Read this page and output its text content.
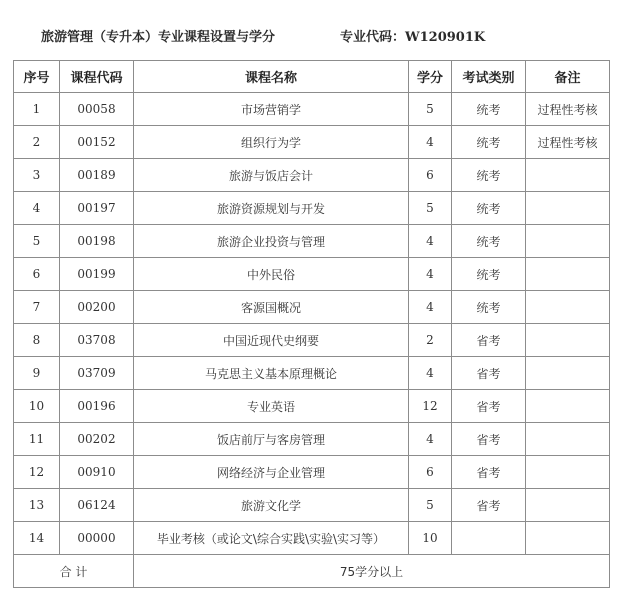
旅游管理（专升本）专业课程设置与学分	专业代码：W120901K
序号	课程代码	课程名称	学分	考试类别	备注
1	00058	市场营销学	5	统考	过程性考核
2	00152	组织行为学	4	统考	过程性考核
3	00189	旅游与饭店会计	6	统考	
4	00197	旅游资源规划与开发	5	统考	
5	00198	旅游企业投资与管理	4	统考	
6	00199	中外民俗	4	统考	
7	00200	客源国概况	4	统考	
8	03708	中国近现代史纲要	2	省考	
9	03709	马克思主义基本原理概论	4	省考	
10	00196	专业英语	12	省考	
11	00202	饭店前厅与客房管理	4	省考	
12	00910	网络经济与企业管理	6	省考	
13	06124	旅游文化学	5	省考	
14	00000	毕业考核（或论文\综合实践\实验\实习等）	10		
合 计		75学分以上			
